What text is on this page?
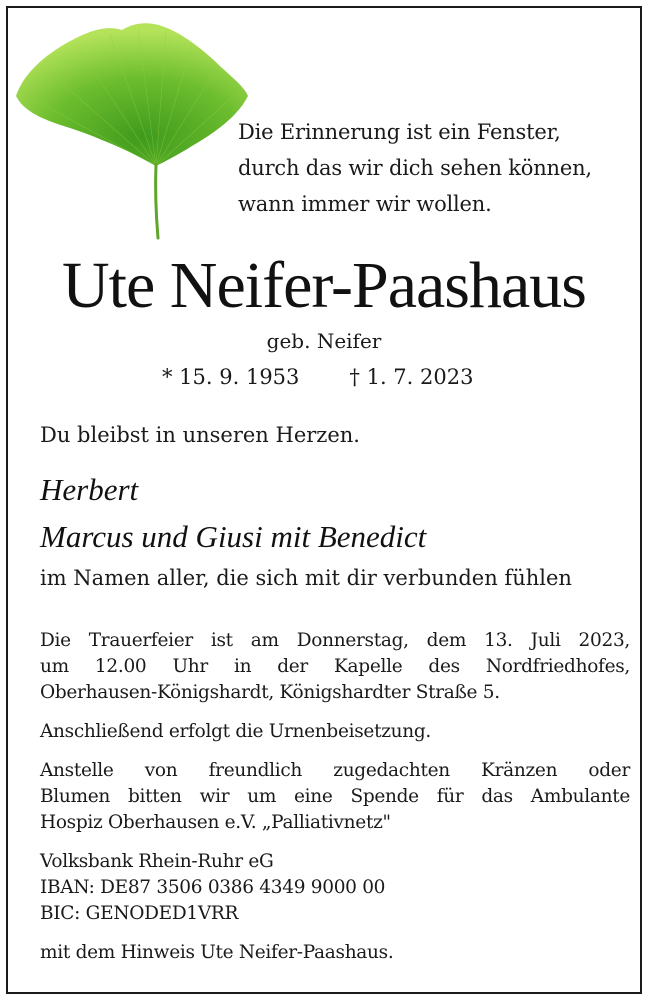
Die Erinnerung ist ein Fenster,
durch das wir dich sehen können,
wann immer wir wollen.
Ute Neifer-Paashaus
geb. Neifer
* 15. 9. 1953 † 1. 7. 2023
Du bleibst in unseren Herzen.
Herbert
Marcus und Giusi mit Benedict
im Namen aller, die sich mit dir verbunden fühlen
Die Trauerfeier ist am Donnerstag, dem 13. Juli 2023,
um 12.00 Uhr in der Kapelle des Nordfriedhofes,
Oberhausen-Königshardt, Königshardter Straße 5.
Anschließend erfolgt die Urnenbeisetzung.
Anstelle von freundlich zugedachten Kränzen oder
Blumen bitten wir um eine Spende für das Ambulante
Hospiz Oberhausen e.V. „Palliativnetz"
Volksbank Rhein-Ruhr eG
IBAN: DE87 3506 0386 4349 9000 00
BIC: GENODED1VRR
mit dem Hinweis Ute Neifer-Paashaus.
